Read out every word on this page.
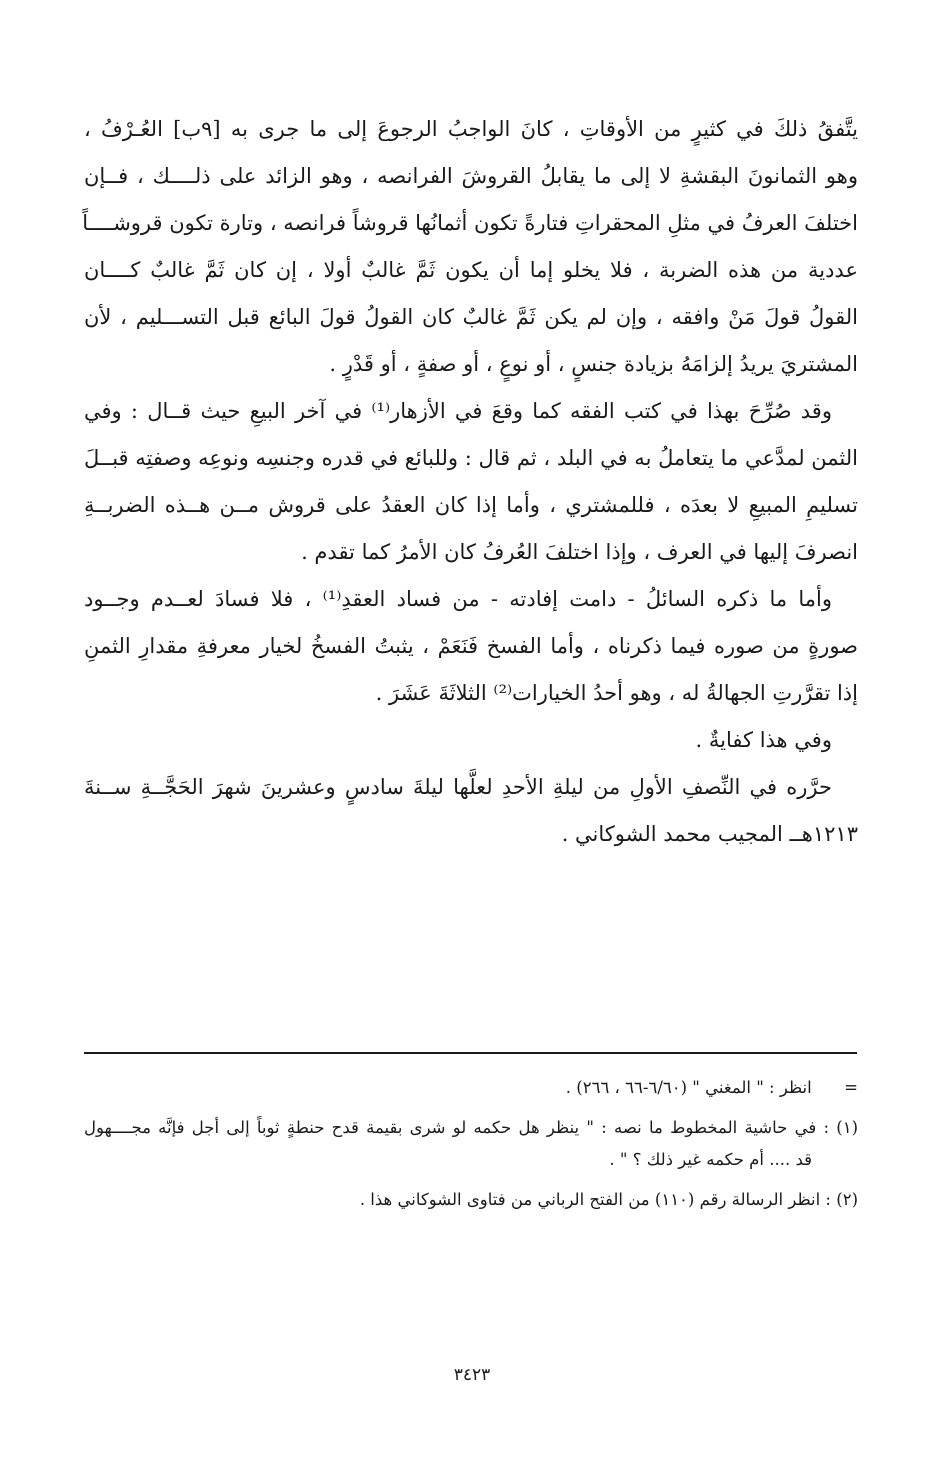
يتَّفقُ ذلكَ في كثيرٍ من الأوقاتِ ، كانَ الواجبُ الرجوعَ إلى ما جرى به [٩ب] العُـرْفُ ،
وهو الثمانونَ البقشةِ لا إلى ما يقابلُ القروشَ الفرانصه ، وهو الزائد على ذلــــك ، فــإن
اختلفَ العرفُ في مثلِ المحقراتِ فتارةً تكون أثمانُها قروشاً فرانصه ، وتارة تكون قروشــــاً
عددية من هذه الضربة ، فلا يخلو إما أن يكون ثَمَّ غالبٌ أولا ، إن كان ثَمَّ غالبٌ كــــان
القولُ قولَ مَنْ وافقه ، وإن لم يكن ثَمَّ غالبٌ كان القولُ قولَ البائع قبل التســـليم ، لأن
المشتريَ يريدُ إلزامَهُ بزيادة جنسٍ ، أو نوعٍ ، أو صفةٍ ، أو قَدْرٍ .
وقد صُرِّحَ بهذا في كتب الفقه كما وقعَ في الأزهار⁽¹⁾ في آخر البيعِ حيث قــال : وفي
الثمن لمدَّعي ما يتعاملُ به في البلد ، ثم قال : وللبائع في قدره وجنسِه ونوعِه وصفتِه قبــلَ
تسليمِ المبيعِ لا بعدَه ، فللمشتري ، وأما إذا كان العقدُ على قروش مــن هــذه الضربــةِ
انصرفَ إليها في العرف ، وإذا اختلفَ العُرفُ كان الأمرُ كما تقدم .
وأما ما ذكره السائلُ - دامت إفادته - من فساد العقدِ⁽¹⁾ ، فلا فسادَ لعــدم وجــود
صورةٍ من صوره فيما ذكرناه ، وأما الفسخ فَنَعَمْ ، يثبتُ الفسخُ لخيار معرفةِ مقدارِ الثمنِ
إذا تقرَّرتِ الجهالةُ له ، وهو أحدُ الخيارات⁽²⁾ الثلاثَةَ عَشَرَ .
وفي هذا كفايةٌ .
حرَّره في النِّصفِ الأولِ من ليلةِ الأحدِ لعلَّها ليلةَ سادسٍ وعشرينَ شهرَ الحَجَّــةِ ســنةَ
١٢١٣هــ المجيب محمد الشوكاني .
=  انظر : " المغني " (٦/٦٠-٦٦ ، ٢٦٦) .
(١) : في حاشية المخطوط ما نصه : " ينظر هل حكمه لو شرى بقيمة قدح حنطةٍ ثوباً إلى أجل فإنَّه مجــــهول
قد .... أم حكمه غير ذلك ؟ " .
(٢) : انظر الرسالة رقم (١١٠) من الفتح الرباني من فتاوى الشوكاني هذا .
٣٤٢٣
